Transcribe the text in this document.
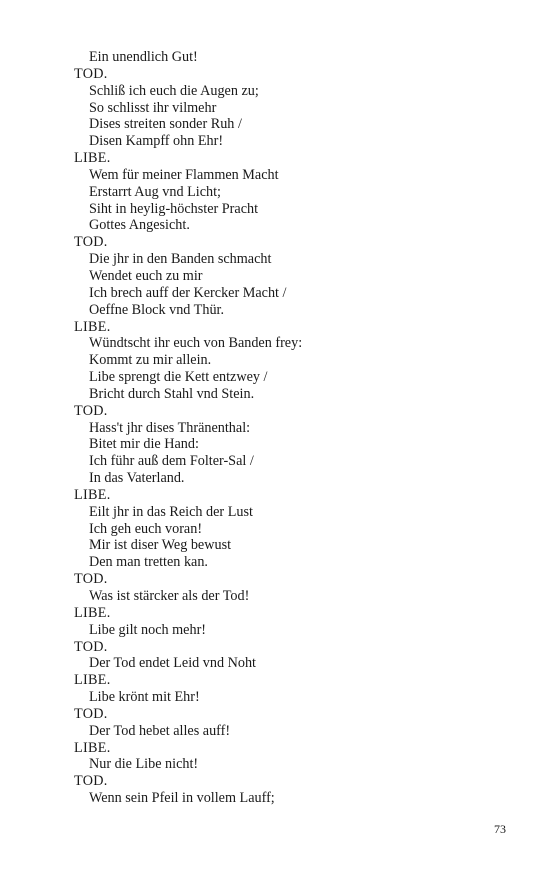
Ein unendlich Gut!
TOD.
Schliß ich euch die Augen zu;
So schlisst ihr vilmehr
Dises streiten sonder Ruh /
Disen Kampff ohn Ehr!
LIBE.
Wem für meiner Flammen Macht
Erstarrt Aug vnd Licht;
Siht in heylig-höchster Pracht
Gottes Angesicht.
TOD.
Die jhr in den Banden schmacht
Wendet euch zu mir
Ich brech auff der Kercker Macht /
Oeffne Block vnd Thür.
LIBE.
Wündtscht ihr euch von Banden frey:
Kommt zu mir allein.
Libe sprengt die Kett entzwey /
Bricht durch Stahl vnd Stein.
TOD.
Hass't jhr dises Thränenthal:
Bitet mir die Hand:
Ich führ auß dem Folter-Sal /
In das Vaterland.
LIBE.
Eilt jhr in das Reich der Lust
Ich geh euch voran!
Mir ist diser Weg bewust
Den man tretten kan.
TOD.
Was ist stärcker als der Tod!
LIBE.
Libe gilt noch mehr!
TOD.
Der Tod endet Leid vnd Noht
LIBE.
Libe krönt mit Ehr!
TOD.
Der Tod hebet alles auff!
LIBE.
Nur die Libe nicht!
TOD.
Wenn sein Pfeil in vollem Lauff;
73
